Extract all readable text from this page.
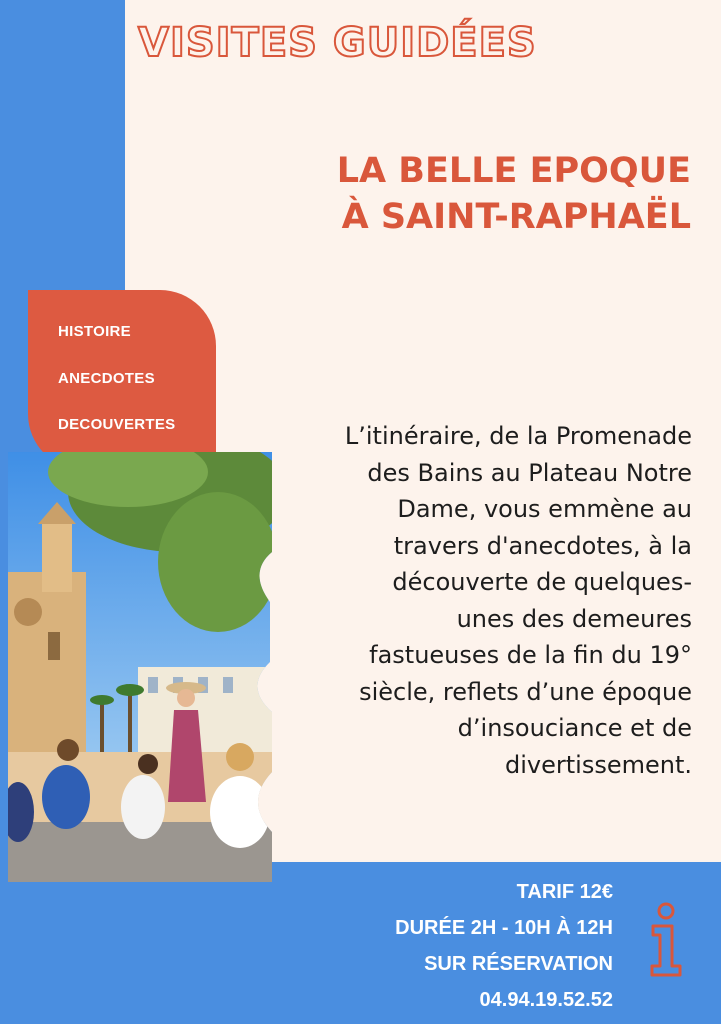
VISITES GUIDÉES
LA BELLE EPOQUE
À SAINT-RAPHAËL
HISTOIRE
ANECDOTES
DECOUVERTES	L’itinéraire, de la Promenade
des Bains au Plateau Notre
Dame, vous emmène au
travers d'anecdotes, à la
découverte de quelques-
unes des demeures
fastueuses de la fin du 19°
siècle, reflets d’une époque
d’insouciance et de
divertissement.
TARIF 12€
DURÉE 2H - 10H À 12H
SUR RÉSERVATION
04.94.19.52.52
